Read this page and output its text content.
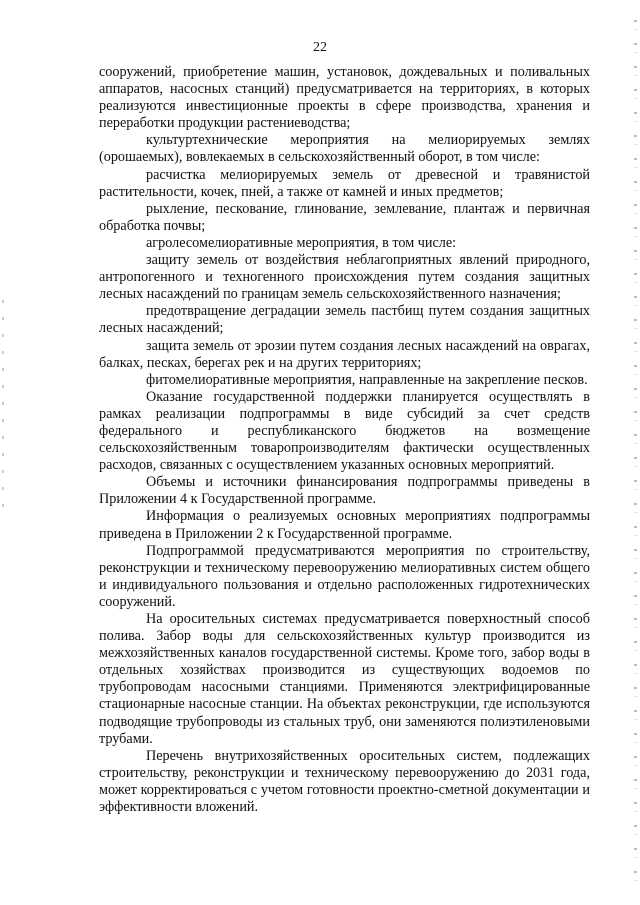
22

сооружений, приобретение машин, установок, дождевальных и поливальных аппаратов, насосных станций) предусматривается на территориях, в которых реализуются инвестиционные проекты в сфере производства, хранения и переработки продукции растениеводства;

культуртехнические мероприятия на мелиорируемых землях (орошаемых), вовлекаемых в сельскохозяйственный оборот, в том числе:

расчистка мелиорируемых земель от древесной и травянистой растительности, кочек, пней, а также от камней и иных предметов;

рыхление, пескование, глинование, землевание, плантаж и первичная обработка почвы;

агролесомелиоративные мероприятия, в том числе:

защиту земель от воздействия неблагоприятных явлений природного, антропогенного и техногенного происхождения путем создания защитных лесных насаждений по границам земель сельскохозяйственного назначения;

предотвращение деградации земель пастбищ путем создания защитных лесных насаждений;

защита земель от эрозии путем создания лесных насаждений на оврагах, балках, песках, берегах рек и на других территориях;

фитомелиоративные мероприятия, направленные на закрепление песков.

Оказание государственной поддержки планируется осуществлять в рамках реализации подпрограммы в виде субсидий за счет средств федерального и республиканского бюджетов на возмещение сельскохозяйственным товаропроизводителям фактически осуществленных расходов, связанных с осуществлением указанных основных мероприятий.

Объемы и источники финансирования подпрограммы приведены в Приложении 4 к Государственной программе.

Информация о реализуемых основных мероприятиях подпрограммы приведена в Приложении 2 к Государственной программе.

Подпрограммой предусматриваются мероприятия по строительству, реконструкции и техническому перевооружению мелиоративных систем общего и индивидуального пользования и отдельно расположенных гидротехнических сооружений.

На оросительных системах предусматривается поверхностный способ полива. Забор воды для сельскохозяйственных культур производится из межхозяйственных каналов государственной системы. Кроме того, забор воды в отдельных хозяйствах производится из существующих водоемов по трубопроводам насосными станциями. Применяются электрифицированные стационарные насосные станции. На объектах реконструкции, где используются подводящие трубопроводы из стальных труб, они заменяются полиэтиленовыми трубами.

Перечень внутрихозяйственных оросительных систем, подлежащих строительству, реконструкции и техническому перевооружению до 2031 года, может корректироваться с учетом готовности проектно-сметной документации и эффективности вложений.
